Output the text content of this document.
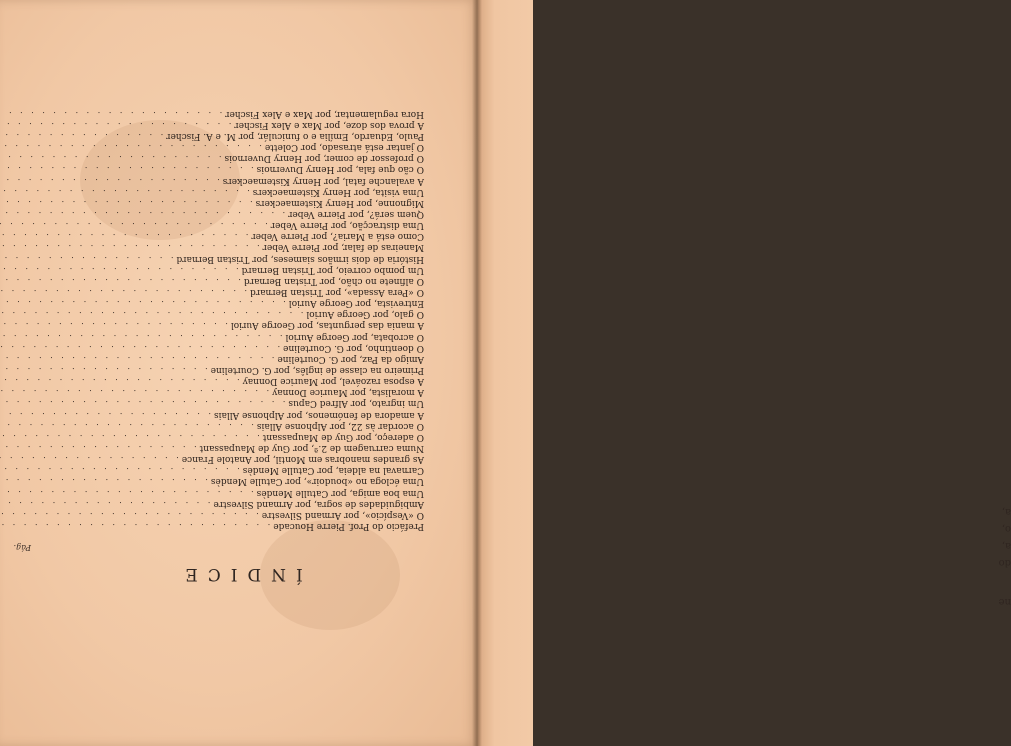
ÍNDICE
Pág.
Prefácio do Prof. Pierre Houcade
. . .
O «Vespício», por Armand Silvestre
. . .
Ambiguidades de sogra, por Armand Silvestre
. . .
Uma boa amiga, por Catulle Mendès
. . .
Uma écloga no «boudoir», por Catulle Mendès
. . .
Carnaval na aldeia, por Catulle Mendès
. . .
As grandes manobras em Montil, por Anatole France
. . .
Numa carruagem de 2.ª, por Guy de Maupassant
. . .
O adereço, por Guy de Maupassant
. . .
O acordar às 22, por Alphonse Allais
. . .
A amadora de fenómenos, por Alphonse Allais
. . .
Um ingrato, por Alfred Capus
. . .
A moralista, por Maurice Donnay
. . .
A esposa razoável, por Maurice Donnay
. . .
Primeiro na classe de inglês, por G. Courteline
. . .
Amigo da Paz, por G. Courteline
. . .
O doentinho, por G. Courteline
. . .
O acrobata, por George Auriol
. . .
A mania das perguntas, por George Auriol
. . .
O galo, por George Auriol
. . .
Entrevista, por George Auriol
. . .
O «Pera Assada», por Tristan Bernard
. . .
O alfinete no chão, por Tristan Bernard
. . .
Um pombo correio, por Tristan Bernard
. . .
História de dois irmãos siameses, por Tristan Bernard
. . .
Maneiras de falar, por Pierre Veber
. . .
Como está a Maria?, por Pierre Veber
. . .
Uma distracção, por Pierre Veber
. . .
Quem será?, por Pierre Veber
. . .
Mignonne, por Henry Kistemaeckers
. . .
Uma visita, por Henry Kistemaeckers
. . .
A avalanche fatal, por Henry Kistemaeckers
. . .
O cão que fala, por Henry Duvernois
. . .
O professor de comer, por Henry Duvernois
. . .
O jantar está atrasado, por Colette
. . .
Paulo, Eduardo, Emília e o funiculár, por M. e A. Fischer
. . .
A prova dos doze, por Max e Alex Fischer
. . .
Hora regulamentar, por Max e Alex Fischer
. . .
ne
do
a,
o,
a,
